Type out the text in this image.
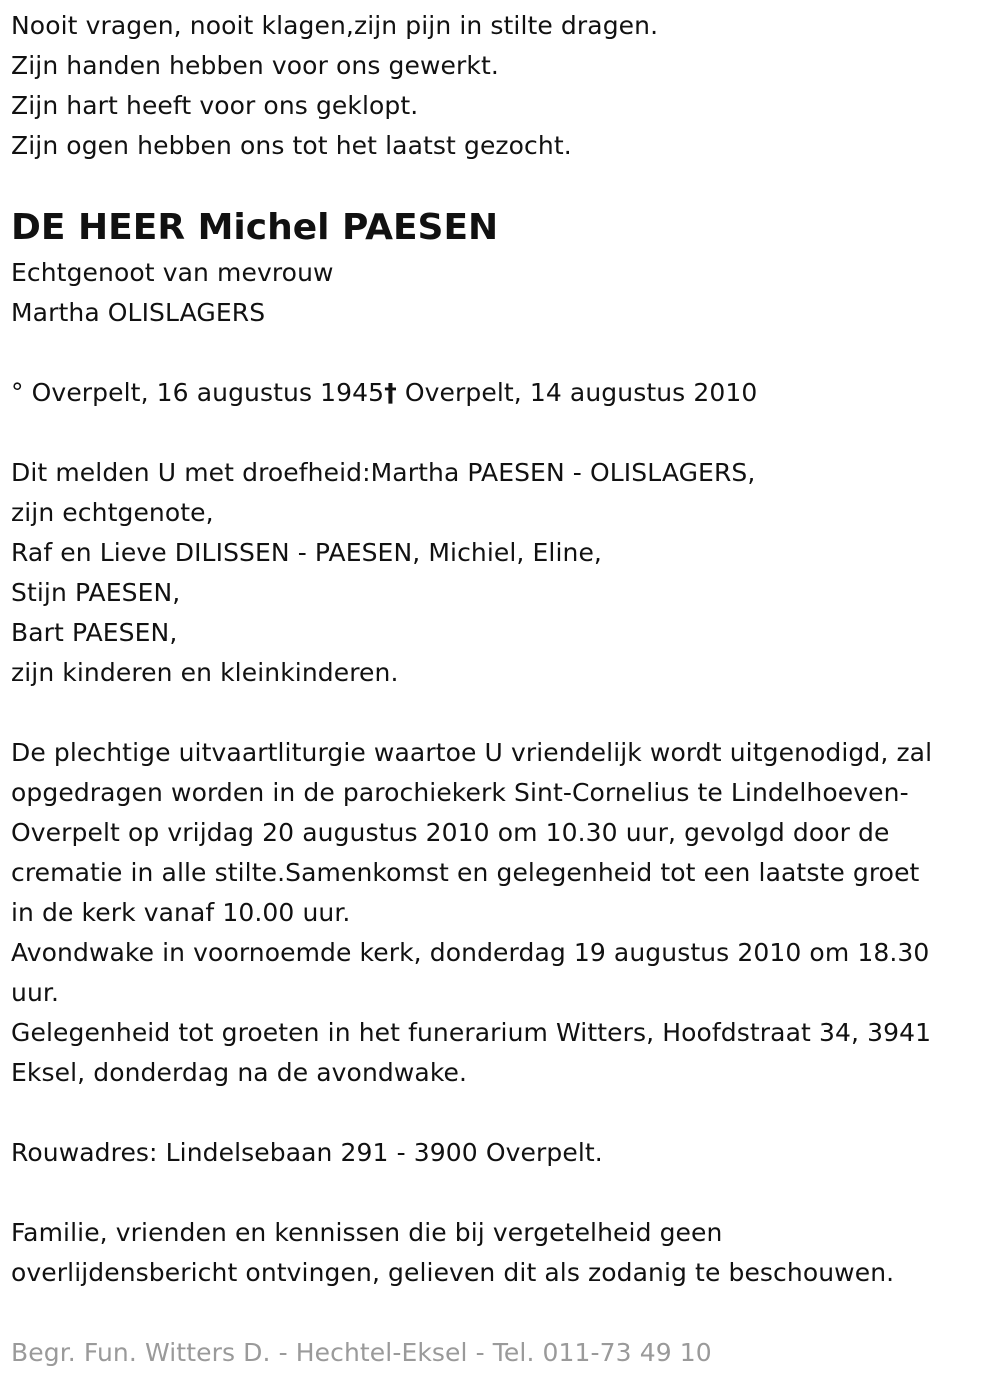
Nooit vragen, nooit klagen,zijn pijn in stilte dragen.
Zijn handen hebben voor ons gewerkt.
Zijn hart heeft voor ons geklopt.
Zijn ogen hebben ons tot het laatst gezocht.
DE HEER Michel PAESEN
Echtgenoot van mevrouw
Martha OLISLAGERS
° Overpelt, 16 augustus 1945† Overpelt, 14 augustus 2010
Dit melden U met droefheid:Martha PAESEN - OLISLAGERS,
zijn echtgenote,
Raf en Lieve DILISSEN - PAESEN, Michiel, Eline,
Stijn PAESEN,
Bart PAESEN,
zijn kinderen en kleinkinderen.
De plechtige uitvaartliturgie waartoe U vriendelijk wordt uitgenodigd, zal
opgedragen worden in de parochiekerk Sint-Cornelius te Lindelhoeven-
Overpelt op vrijdag 20 augustus 2010 om 10.30 uur, gevolgd door de
crematie in alle stilte.Samenkomst en gelegenheid tot een laatste groet
in de kerk vanaf 10.00 uur.
Avondwake in voornoemde kerk, donderdag 19 augustus 2010 om 18.30
uur.
Gelegenheid tot groeten in het funerarium Witters, Hoofdstraat 34, 3941
Eksel, donderdag na de avondwake.
Rouwadres: Lindelsebaan 291 - 3900 Overpelt.
Familie, vrienden en kennissen die bij vergetelheid geen
overlijdensbericht ontvingen, gelieven dit als zodanig te beschouwen.
Begr. Fun. Witters D. - Hechtel-Eksel - Tel. 011-73 49 10
